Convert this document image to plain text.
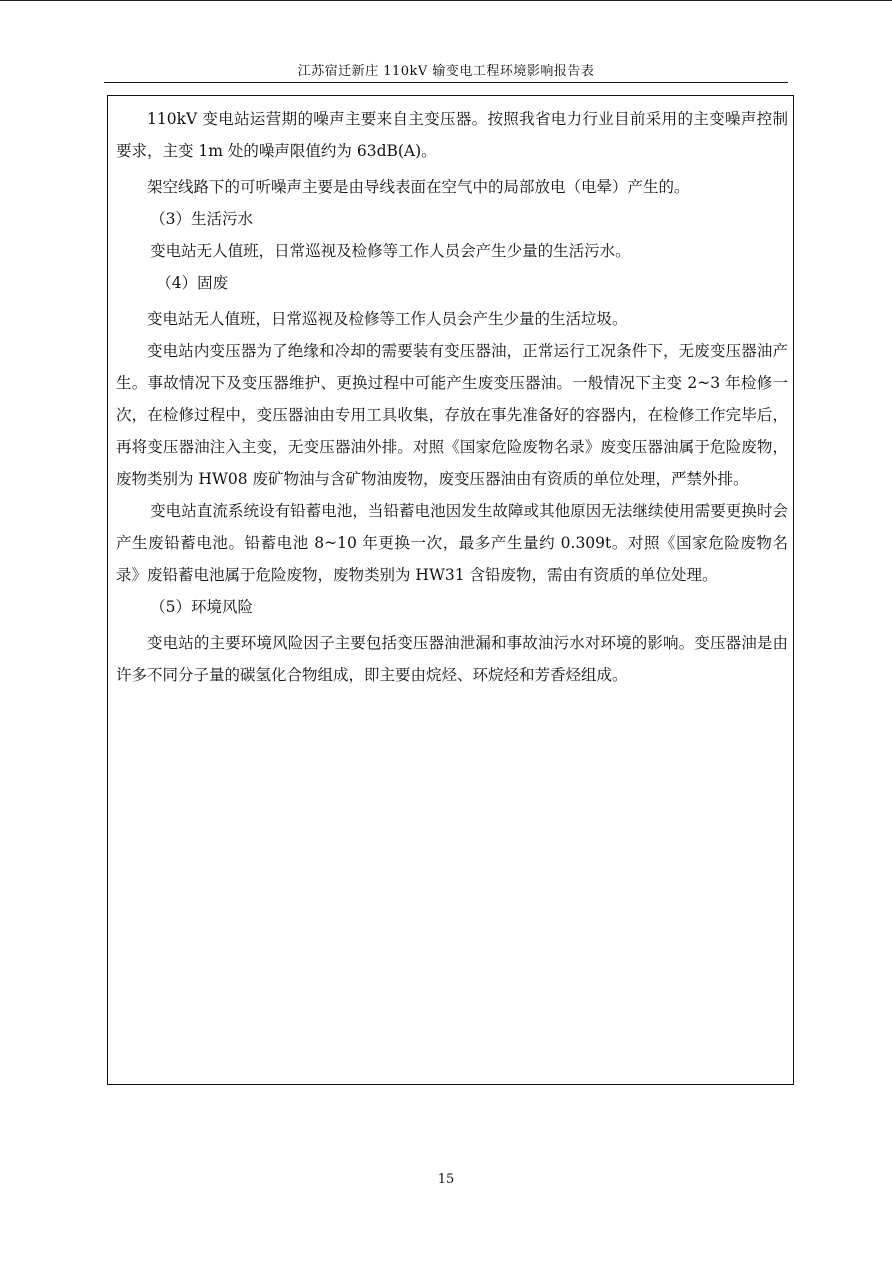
江苏宿迁新庄 110kV 输变电工程环境影响报告表

110kV 变电站运营期的噪声主要来自主变压器。按照我省电力行业目前采用的主变噪声控制要求，主变 1m 处的噪声限值约为 63dB(A)。

架空线路下的可听噪声主要是由导线表面在空气中的局部放电（电晕）产生的。

（3）生活污水

变电站无人值班，日常巡视及检修等工作人员会产生少量的生活污水。

（4）固废

变电站无人值班，日常巡视及检修等工作人员会产生少量的生活垃圾。

变电站内变压器为了绝缘和冷却的需要装有变压器油，正常运行工况条件下，无废变压器油产生。事故情况下及变压器维护、更换过程中可能产生废变压器油。一般情况下主变 2~3 年检修一次，在检修过程中，变压器油由专用工具收集，存放在事先准备好的容器内，在检修工作完毕后，再将变压器油注入主变，无变压器油外排。对照《国家危险废物名录》废变压器油属于危险废物，废物类别为 HW08 废矿物油与含矿物油废物，废变压器油由有资质的单位处理，严禁外排。

变电站直流系统设有铅蓄电池，当铅蓄电池因发生故障或其他原因无法继续使用需要更换时会产生废铅蓄电池。铅蓄电池 8~10 年更换一次，最多产生量约 0.309t。对照《国家危险废物名录》废铅蓄电池属于危险废物，废物类别为 HW31 含铅废物，需由有资质的单位处理。

（5）环境风险

变电站的主要环境风险因子主要包括变压器油泄漏和事故油污水对环境的影响。变压器油是由许多不同分子量的碳氢化合物组成，即主要由烷烃、环烷烃和芳香烃组成。

15
